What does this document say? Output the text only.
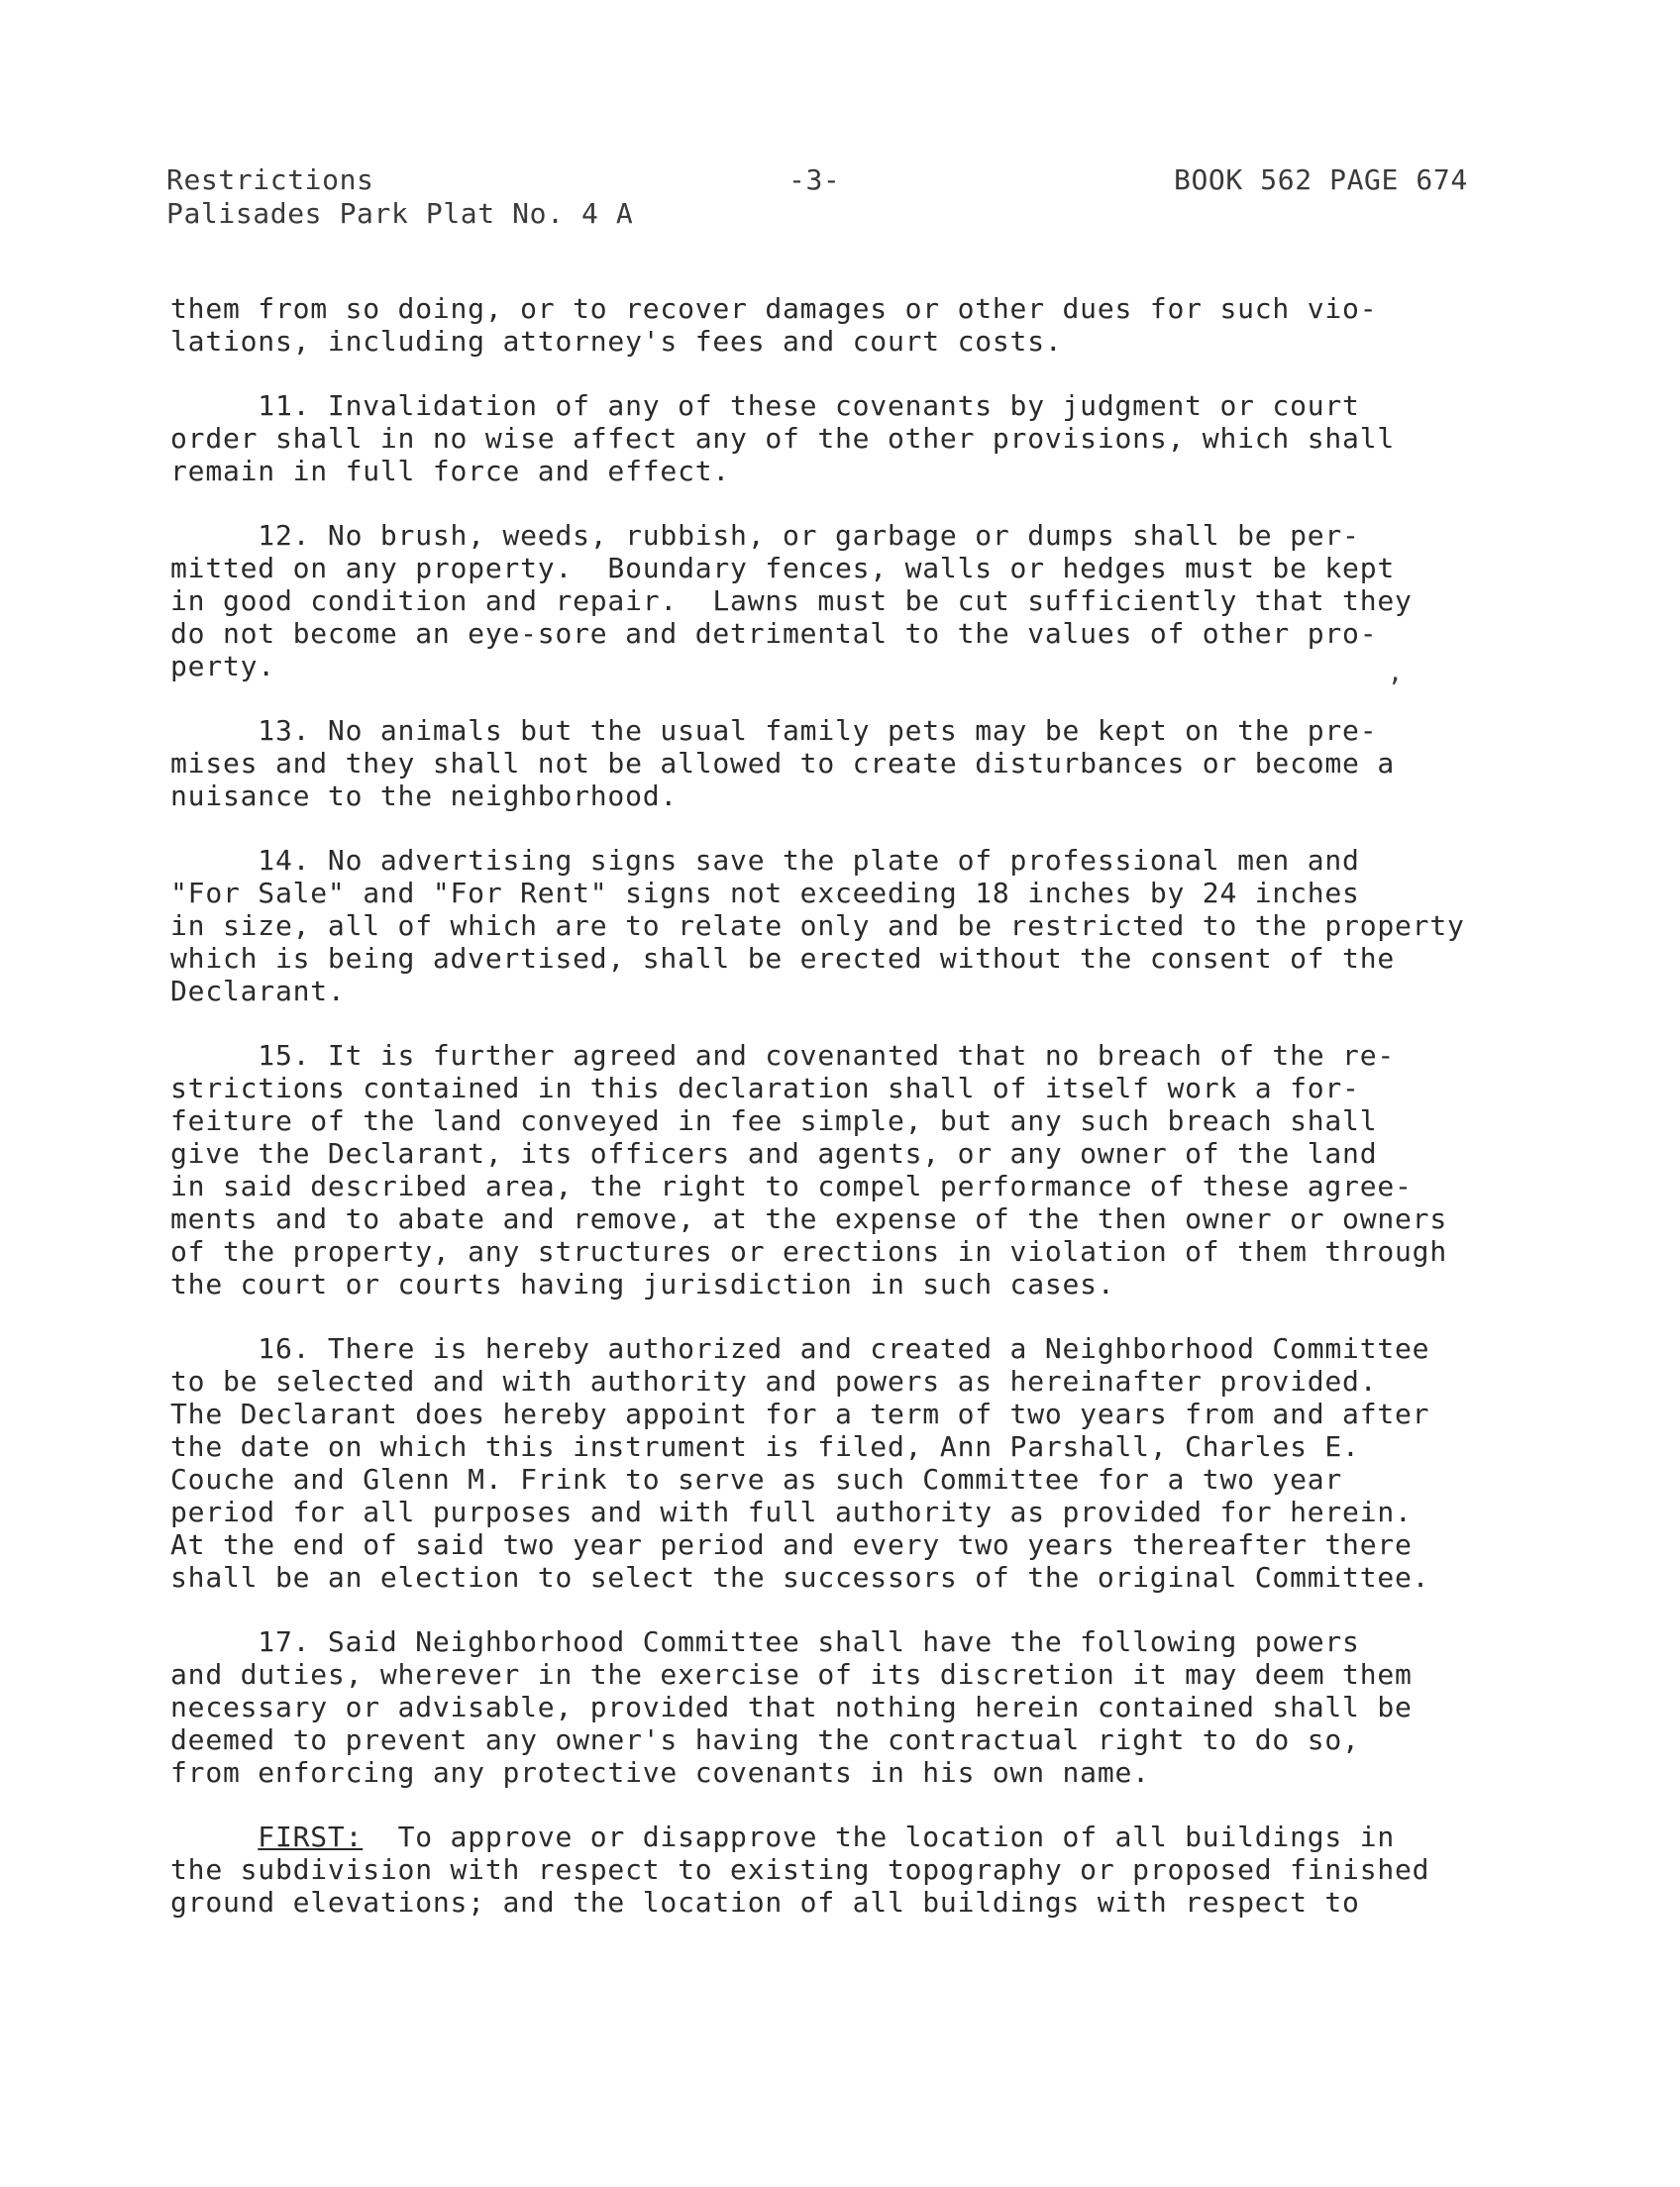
Restrictions
Palisades Park Plat No. 4 A
-3-	BOOK 562 PAGE 674
them from so doing, or to recover damages or other dues for such vio-
lations, including attorney's fees and court costs.
11. Invalidation of any of these covenants by judgment or court
order shall in no wise affect any of the other provisions, which shall
remain in full force and effect.
12. No brush, weeds, rubbish, or garbage or dumps shall be per-
mitted on any property.  Boundary fences, walls or hedges must be kept
in good condition and repair.  Lawns must be cut sufficiently that they
do not become an eye-sore and detrimental to the values of other pro-
perty.
13. No animals but the usual family pets may be kept on the pre-
mises and they shall not be allowed to create disturbances or become a
nuisance to the neighborhood.
14. No advertising signs save the plate of professional men and
"For Sale" and "For Rent" signs not exceeding 18 inches by 24 inches
in size, all of which are to relate only and be restricted to the property
which is being advertised, shall be erected without the consent of the
Declarant.
15. It is further agreed and covenanted that no breach of the re-
strictions contained in this declaration shall of itself work a for-
feiture of the land conveyed in fee simple, but any such breach shall
give the Declarant, its officers and agents, or any owner of the land
in said described area, the right to compel performance of these agree-
ments and to abate and remove, at the expense of the then owner or owners
of the property, any structures or erections in violation of them through
the court or courts having jurisdiction in such cases.
16. There is hereby authorized and created a Neighborhood Committee
to be selected and with authority and powers as hereinafter provided.
The Declarant does hereby appoint for a term of two years from and after
the date on which this instrument is filed, Ann Parshall, Charles E.
Couche and Glenn M. Frink to serve as such Committee for a two year
period for all purposes and with full authority as provided for herein.
At the end of said two year period and every two years thereafter there
shall be an election to select the successors of the original Committee.
17. Said Neighborhood Committee shall have the following powers
and duties, wherever in the exercise of its discretion it may deem them
necessary or advisable, provided that nothing herein contained shall be
deemed to prevent any owner's having the contractual right to do so,
from enforcing any protective covenants in his own name.
FIRST:  To approve or disapprove the location of all buildings in
the subdivision with respect to existing topography or proposed finished
ground elevations; and the location of all buildings with respect to
’
